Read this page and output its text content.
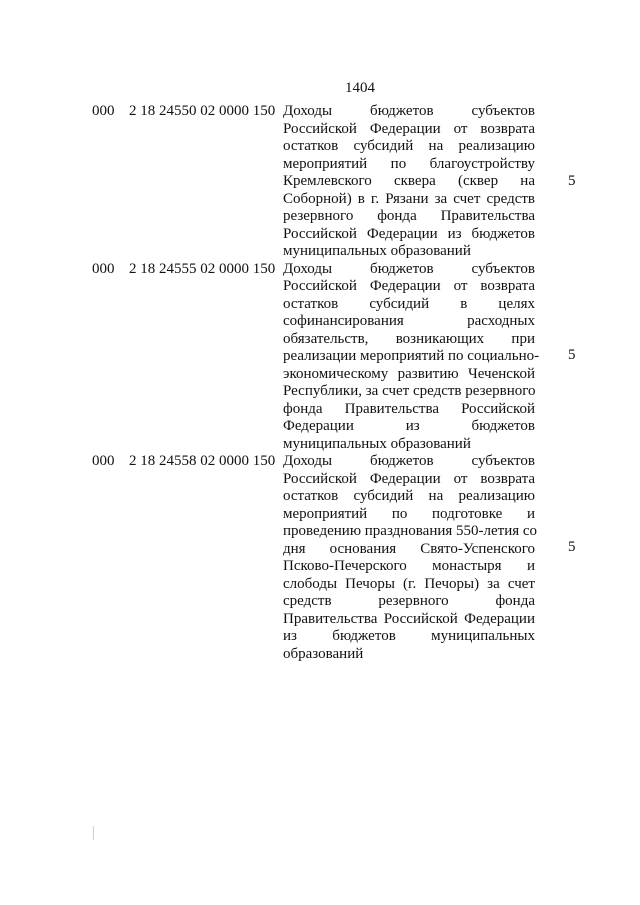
1404
000 2 18 24550 02 0000 150 Доходы бюджетов субъектов
Российской Федерации от возврата
остатков субсидий на реализацию
мероприятий по благоустройству
Кремлевского сквера (сквер на
Соборной) в г. Рязани за счет средств
резервного фонда Правительства
Российской Федерации из бюджетов
муниципальных образований
5
000 2 18 24555 02 0000 150 Доходы бюджетов субъектов
Российской Федерации от возврата
остатков субсидий в целях
софинансирования расходных
обязательств, возникающих при
реализации мероприятий по социально-
экономическому развитию Чеченской
Республики, за счет средств резервного
фонда Правительства Российской
Федерации из бюджетов
муниципальных образований
5
000 2 18 24558 02 0000 150 Доходы бюджетов субъектов
Российской Федерации от возврата
остатков субсидий на реализацию
мероприятий по подготовке и
проведению празднования 550-летия со
дня основания Свято-Успенского
Псково-Печерского монастыря и
слободы Печоры (г. Печоры) за счет
средств резервного фонда
Правительства Российской Федерации
из бюджетов муниципальных
образований
5
